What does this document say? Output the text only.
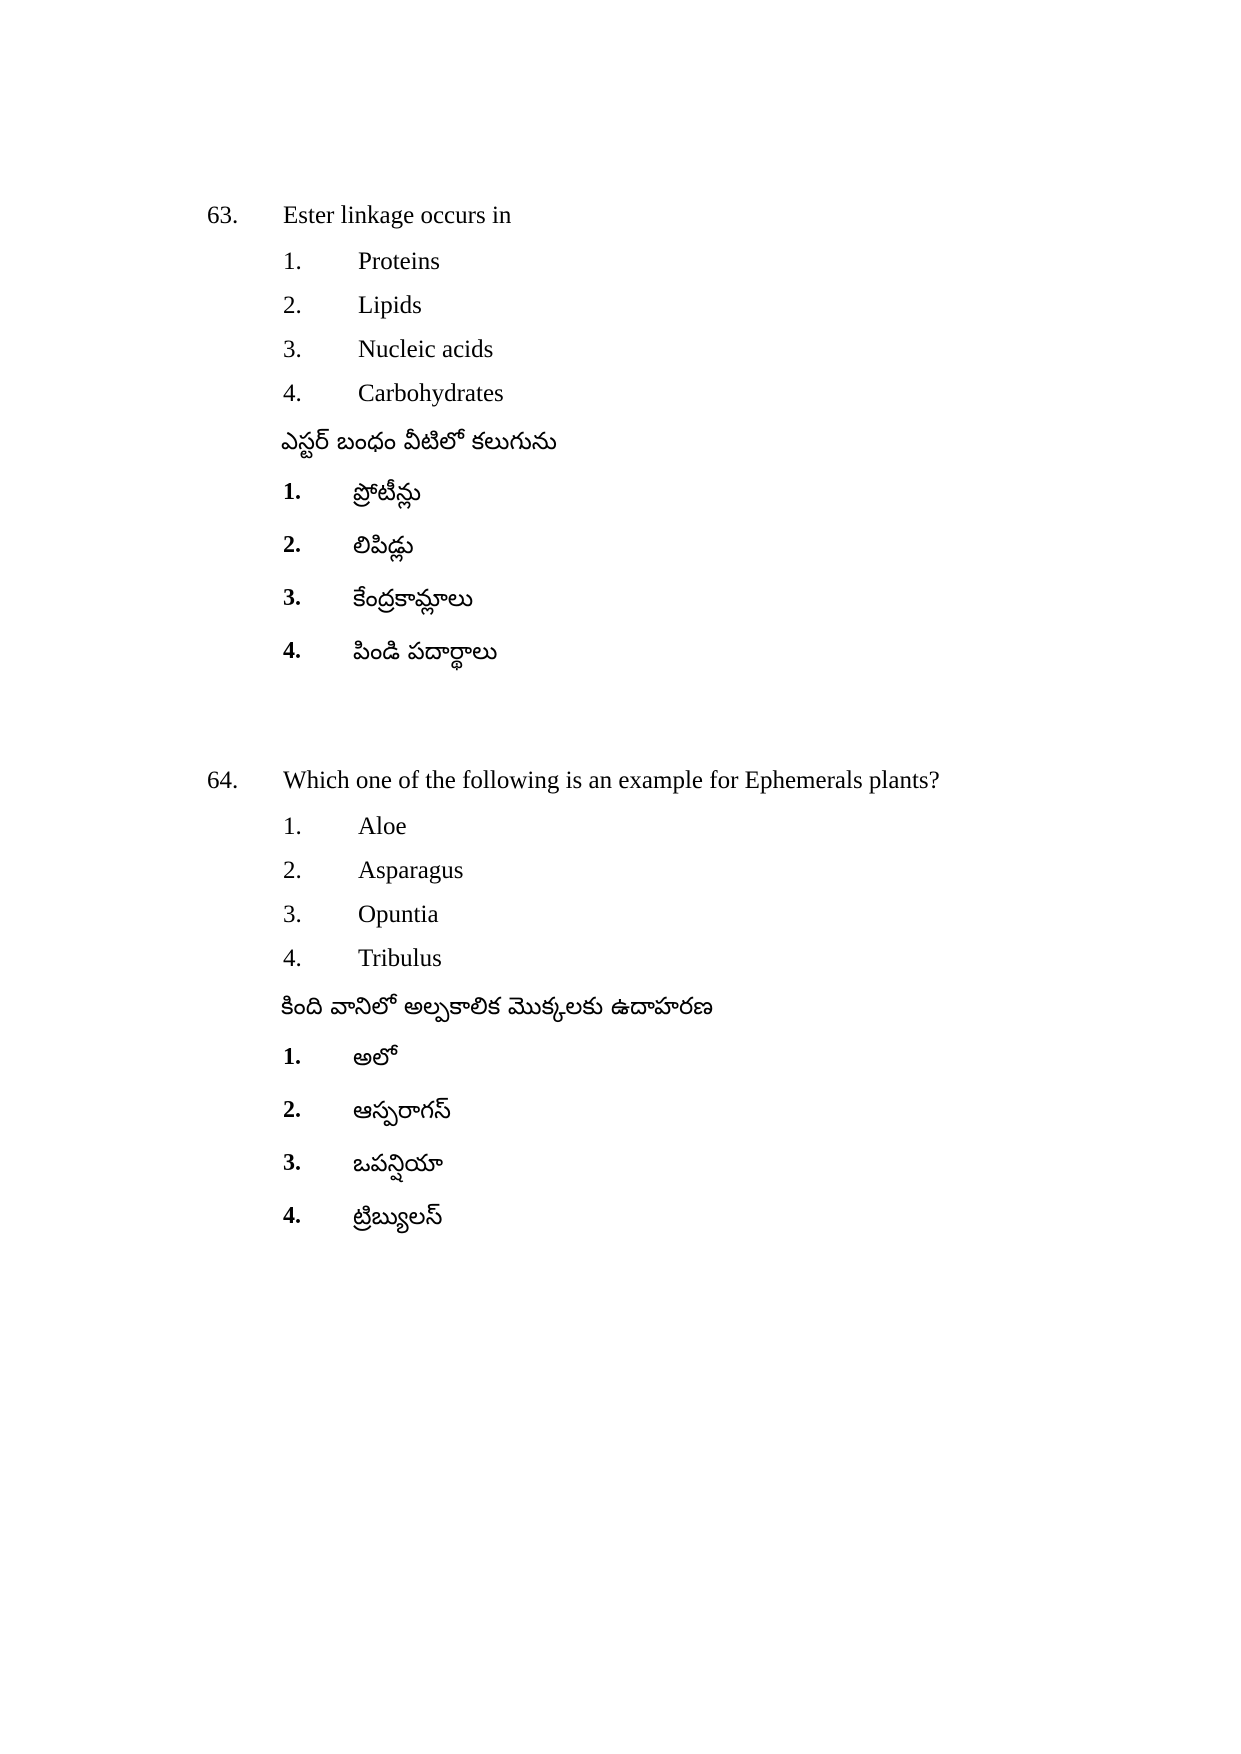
63. Ester linkage occurs in
1. Proteins
2. Lipids
3. Nucleic acids
4. Carbohydrates
ఎస్టర్ బంధం వీటిలో కలుగును
1. ప్రోటీన్లు
2. లిపిడ్లు
3. కేంద్రకామ్లాలు
4. పిండి పదార్థాలు
64. Which one of the following is an example for Ephemerals plants?
1. Aloe
2. Asparagus
3. Opuntia
4. Tribulus
కింది వానిలో అల్పకాలిక మొక్కలకు ఉదాహరణ
1. అలో
2. ఆస్పరాగస్
3. ఒపన్షియా
4. ట్రిబ్యులస్
